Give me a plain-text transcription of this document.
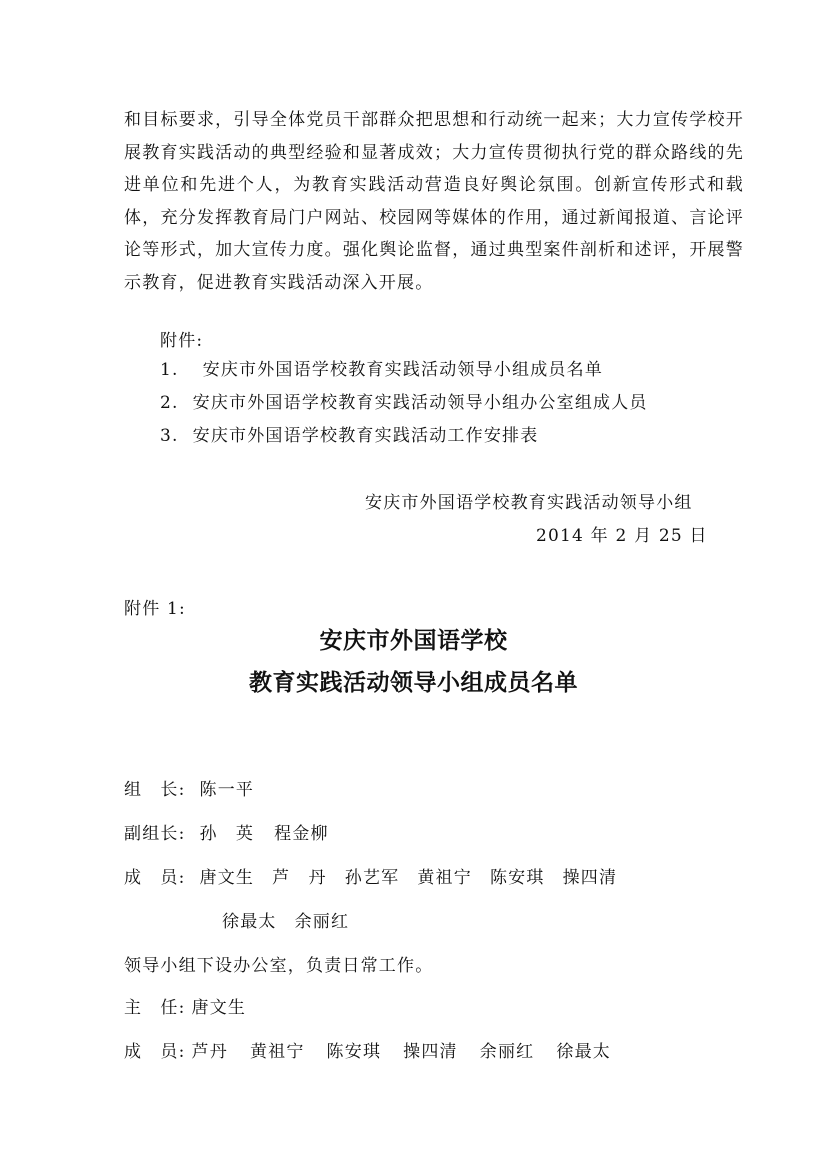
和目标要求，引导全体党员干部群众把思想和行动统一起来；大力宣传学校开展教育实践活动的典型经验和显著成效；大力宣传贯彻执行党的群众路线的先进单位和先进个人，为教育实践活动营造良好舆论氛围。创新宣传形式和载体，充分发挥教育局门户网站、校园网等媒体的作用，通过新闻报道、言论评论等形式，加大宣传力度。强化舆论监督，通过典型案件剖析和述评，开展警示教育，促进教育实践活动深入开展。

附件:
1. 安庆市外国语学校教育实践活动领导小组成员名单
2. 安庆市外国语学校教育实践活动领导小组办公室组成人员
3. 安庆市外国语学校教育实践活动工作安排表
安庆市外国语学校教育实践活动领导小组
2014 年 2 月 25 日
附件 1:
安庆市外国语学校
教育实践活动领导小组成员名单
组　长: 陈一平
副组长: 孙　英 程金柳
成　员: 唐文生 芦　丹 孙艺军 黄祖宁 陈安琪 操四清
徐最太 余丽红
领导小组下设办公室，负责日常工作。
主　任: 唐文生
成　员: 芦丹 黄祖宁 陈安琪 操四清 余丽红 徐最太
